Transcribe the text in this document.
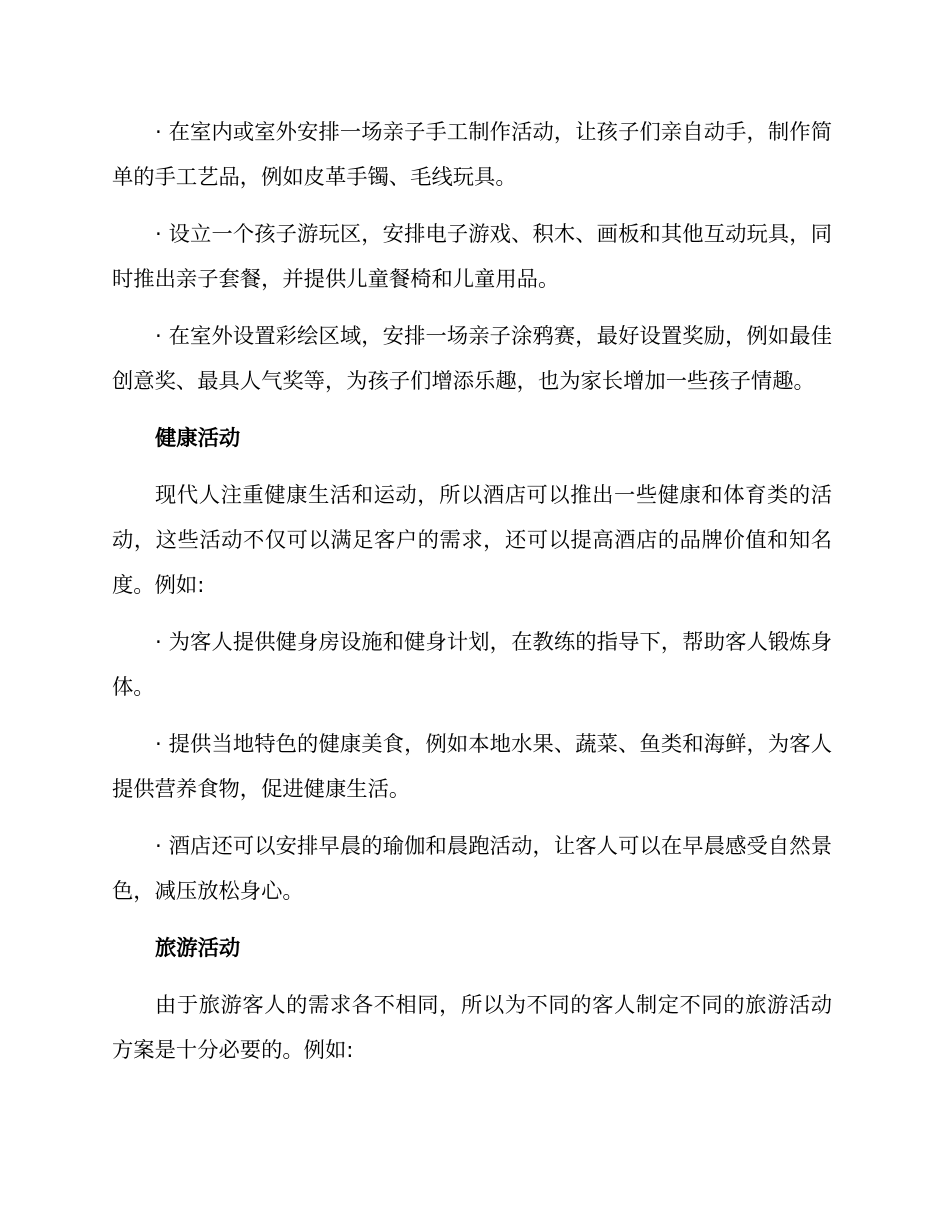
· 在室内或室外安排一场亲子手工制作活动，让孩子们亲自动手，制作简单的手工艺品，例如皮革手镯、毛线玩具。

· 设立一个孩子游玩区，安排电子游戏、积木、画板和其他互动玩具，同时推出亲子套餐，并提供儿童餐椅和儿童用品。

· 在室外设置彩绘区域，安排一场亲子涂鸦赛，最好设置奖励，例如最佳创意奖、最具人气奖等，为孩子们增添乐趣，也为家长增加一些孩子情趣。

健康活动

现代人注重健康生活和运动，所以酒店可以推出一些健康和体育类的活动，这些活动不仅可以满足客户的需求，还可以提高酒店的品牌价值和知名度。例如:

· 为客人提供健身房设施和健身计划，在教练的指导下，帮助客人锻炼身体。

· 提供当地特色的健康美食，例如本地水果、蔬菜、鱼类和海鲜，为客人提供营养食物，促进健康生活。

· 酒店还可以安排早晨的瑜伽和晨跑活动，让客人可以在早晨感受自然景色，减压放松身心。

旅游活动

由于旅游客人的需求各不相同，所以为不同的客人制定不同的旅游活动方案是十分必要的。例如:
